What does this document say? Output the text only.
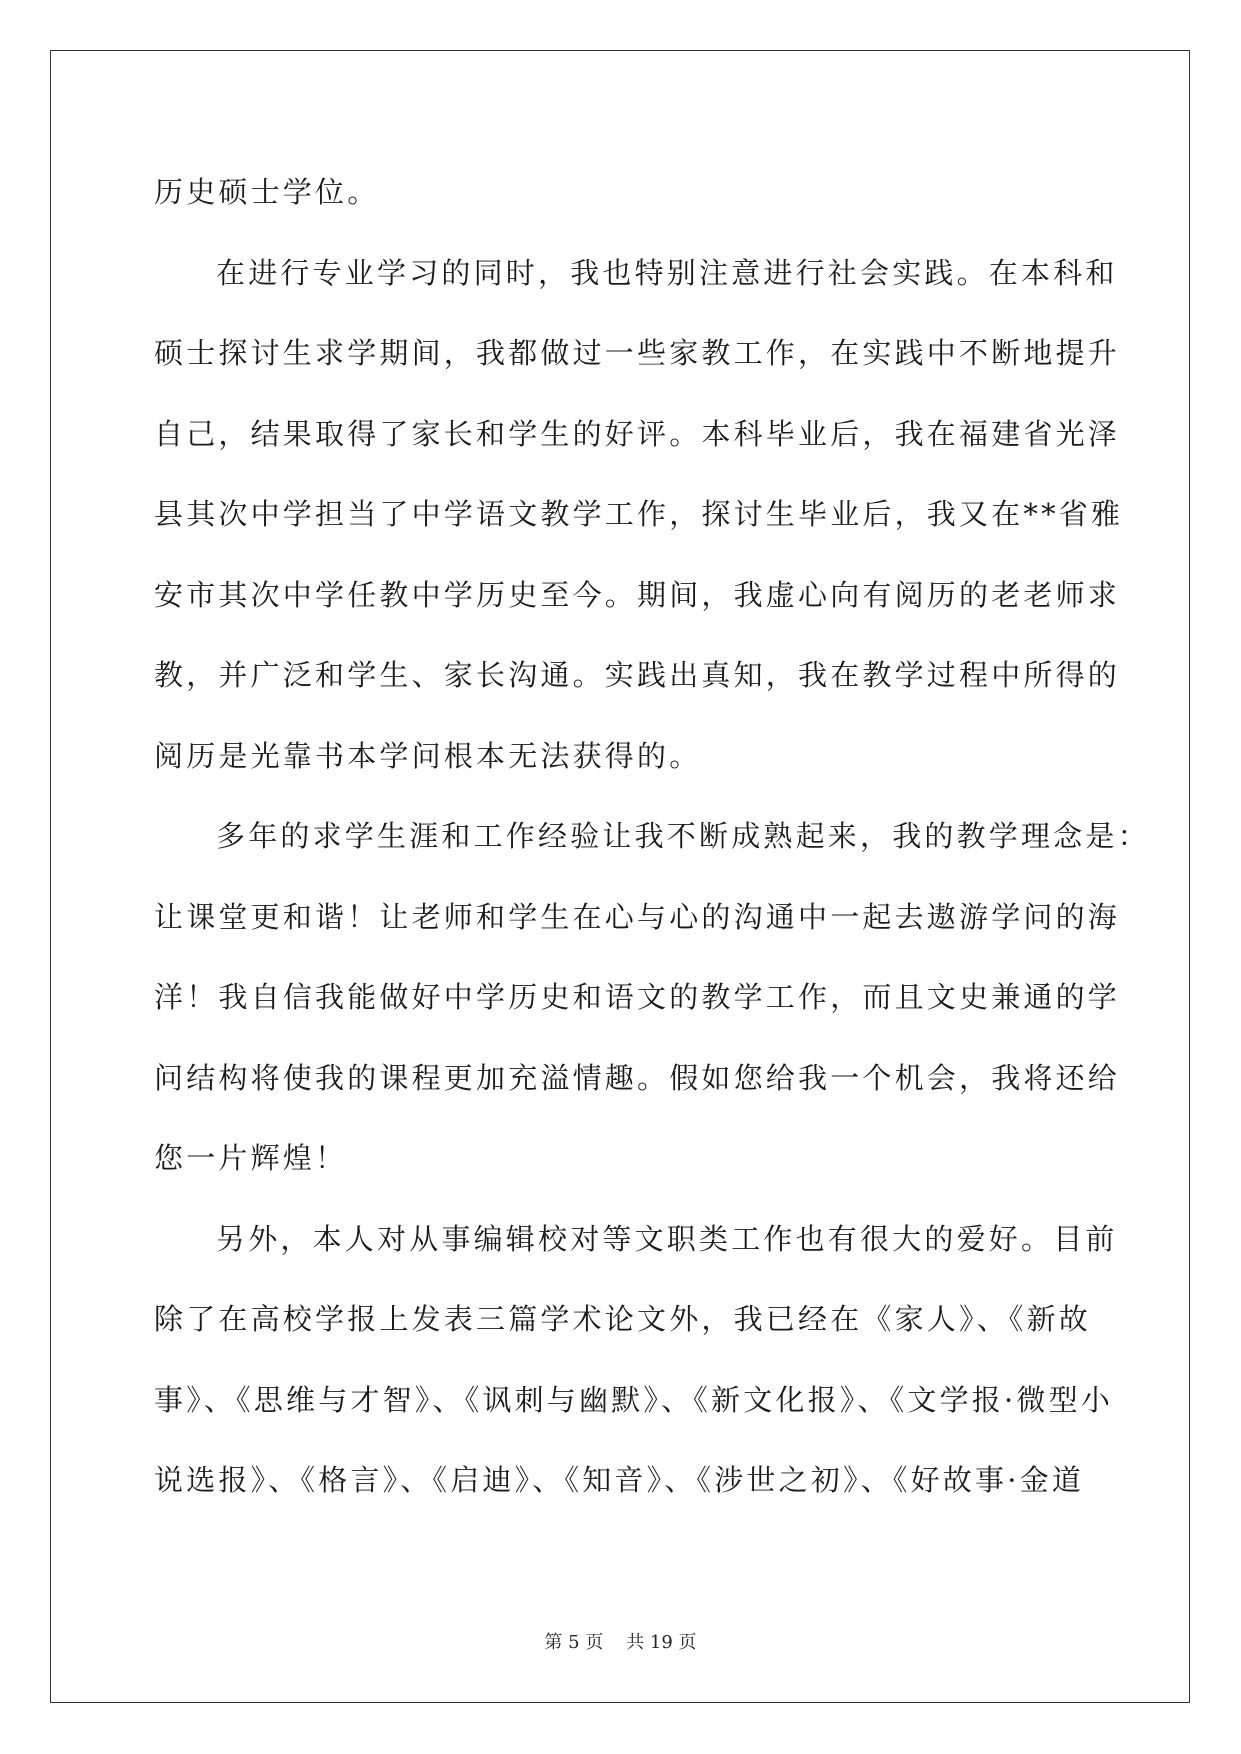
历史硕士学位。
在进行专业学习的同时，我也特别注意进行社会实践。在本科和
硕士探讨生求学期间，我都做过一些家教工作，在实践中不断地提升
自己，结果取得了家长和学生的好评。本科毕业后，我在福建省光泽
县其次中学担当了中学语文教学工作，探讨生毕业后，我又在**省雅
安市其次中学任教中学历史至今。期间，我虚心向有阅历的老老师求
教，并广泛和学生、家长沟通。实践出真知，我在教学过程中所得的
阅历是光靠书本学问根本无法获得的。
多年的求学生涯和工作经验让我不断成熟起来，我的教学理念是：
让课堂更和谐！让老师和学生在心与心的沟通中一起去遨游学问的海
洋！我自信我能做好中学历史和语文的教学工作，而且文史兼通的学
问结构将使我的课程更加充溢情趣。假如您给我一个机会，我将还给
您一片辉煌！
另外，本人对从事编辑校对等文职类工作也有很大的爱好。目前
除了在高校学报上发表三篇学术论文外，我已经在《家人》、《新故
事》、《思维与才智》、《讽刺与幽默》、《新文化报》、《文学报·微型小
说选报》、《格言》、《启迪》、《知音》、《涉世之初》、《好故事·金道
第 5 页    共 19 页
